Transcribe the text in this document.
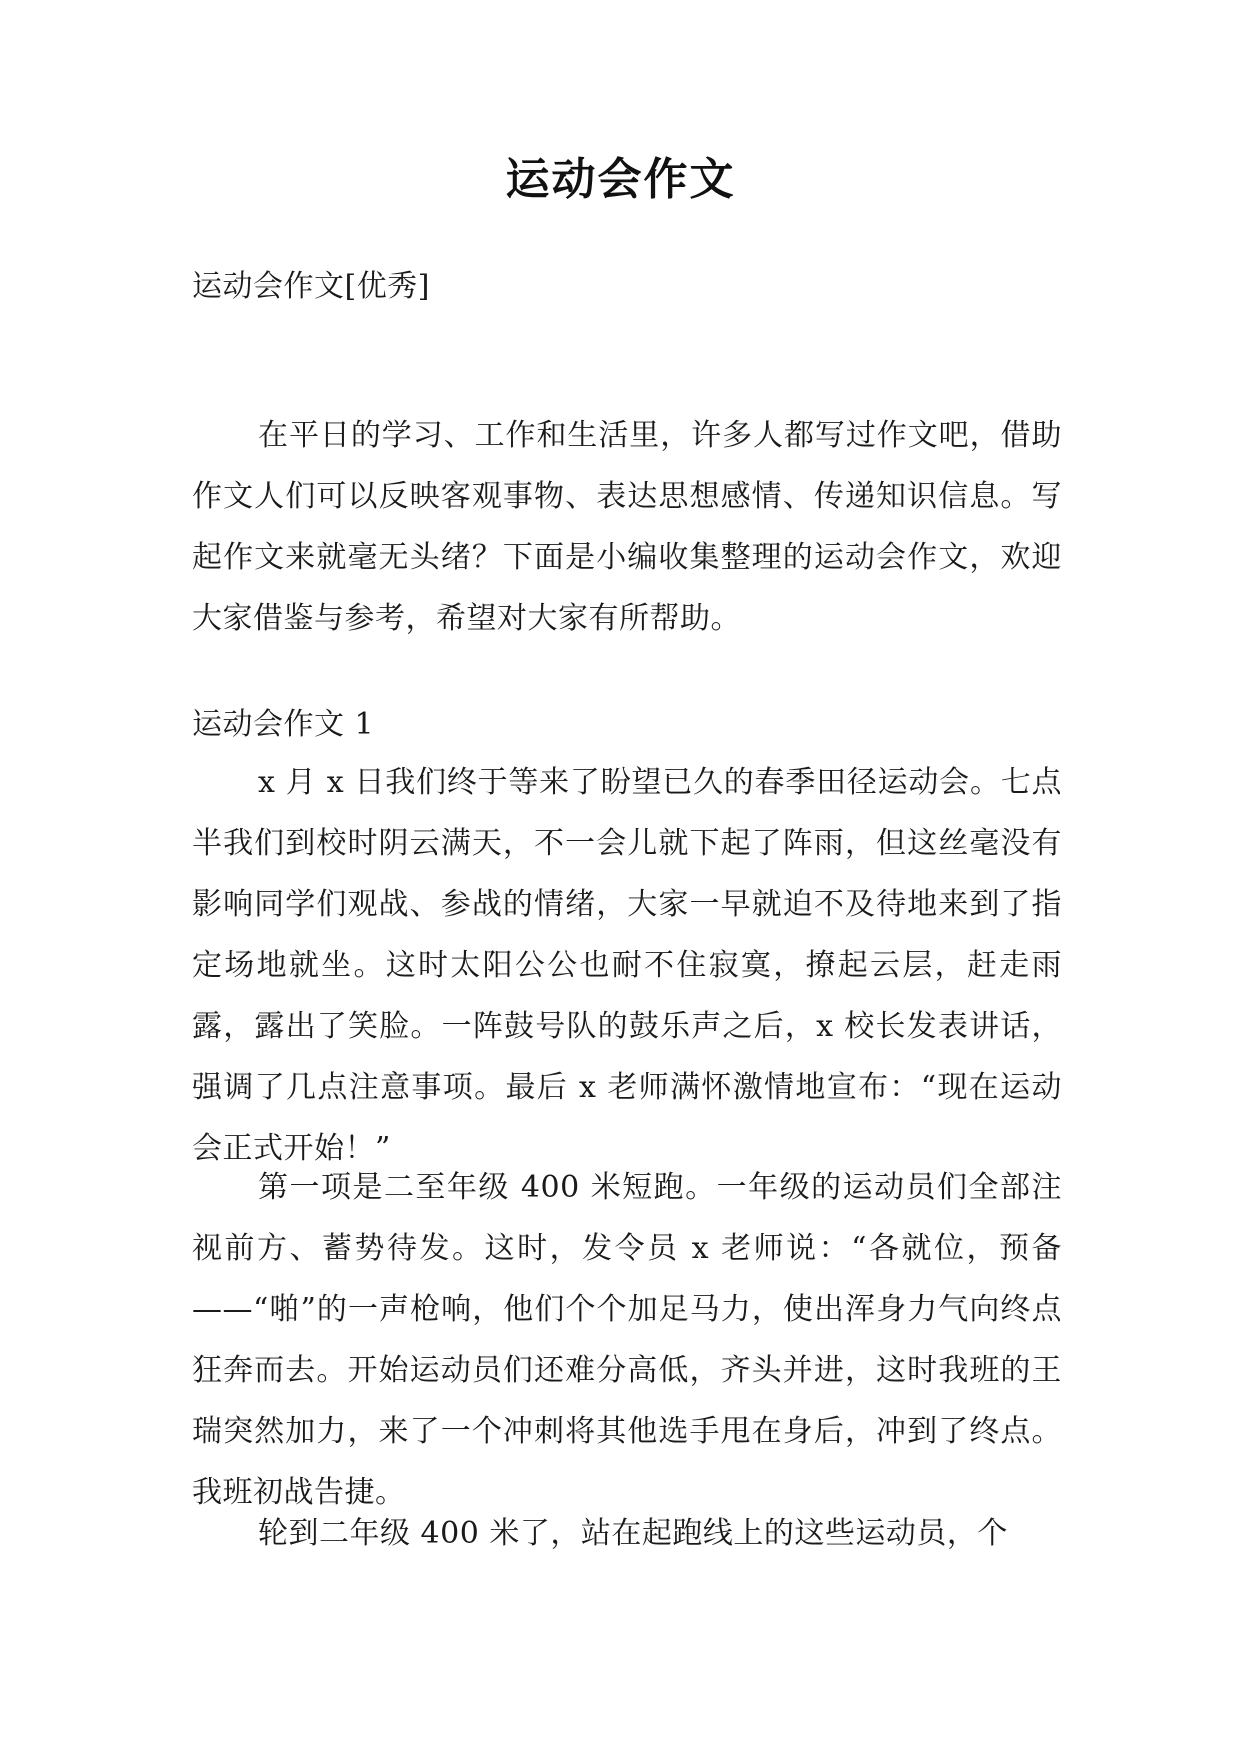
运动会作文

运动会作文[优秀]

在平日的学习、工作和生活里，许多人都写过作文吧，借助作文人们可以反映客观事物、表达思想感情、传递知识信息。写起作文来就毫无头绪？下面是小编收集整理的运动会作文，欢迎大家借鉴与参考，希望对大家有所帮助。

运动会作文 1

x 月 x 日我们终于等来了盼望已久的春季田径运动会。七点半我们到校时阴云满天，不一会儿就下起了阵雨，但这丝毫没有影响同学们观战、参战的情绪，大家一早就迫不及待地来到了指定场地就坐。这时太阳公公也耐不住寂寞，撩起云层，赶走雨露，露出了笑脸。一阵鼓号队的鼓乐声之后，x 校长发表讲话，强调了几点注意事项。最后 x 老师满怀激情地宣布：“现在运动会正式开始！”

第一项是二至年级 400 米短跑。一年级的运动员们全部注视前方、蓄势待发。这时，发令员 x 老师说：“各就位，预备——“啪”的一声枪响，他们个个加足马力，使出浑身力气向终点狂奔而去。开始运动员们还难分高低，齐头并进，这时我班的王瑞突然加力，来了一个冲刺将其他选手甩在身后，冲到了终点。我班初战告捷。

轮到二年级 400 米了，站在起跑线上的这些运动员，个
